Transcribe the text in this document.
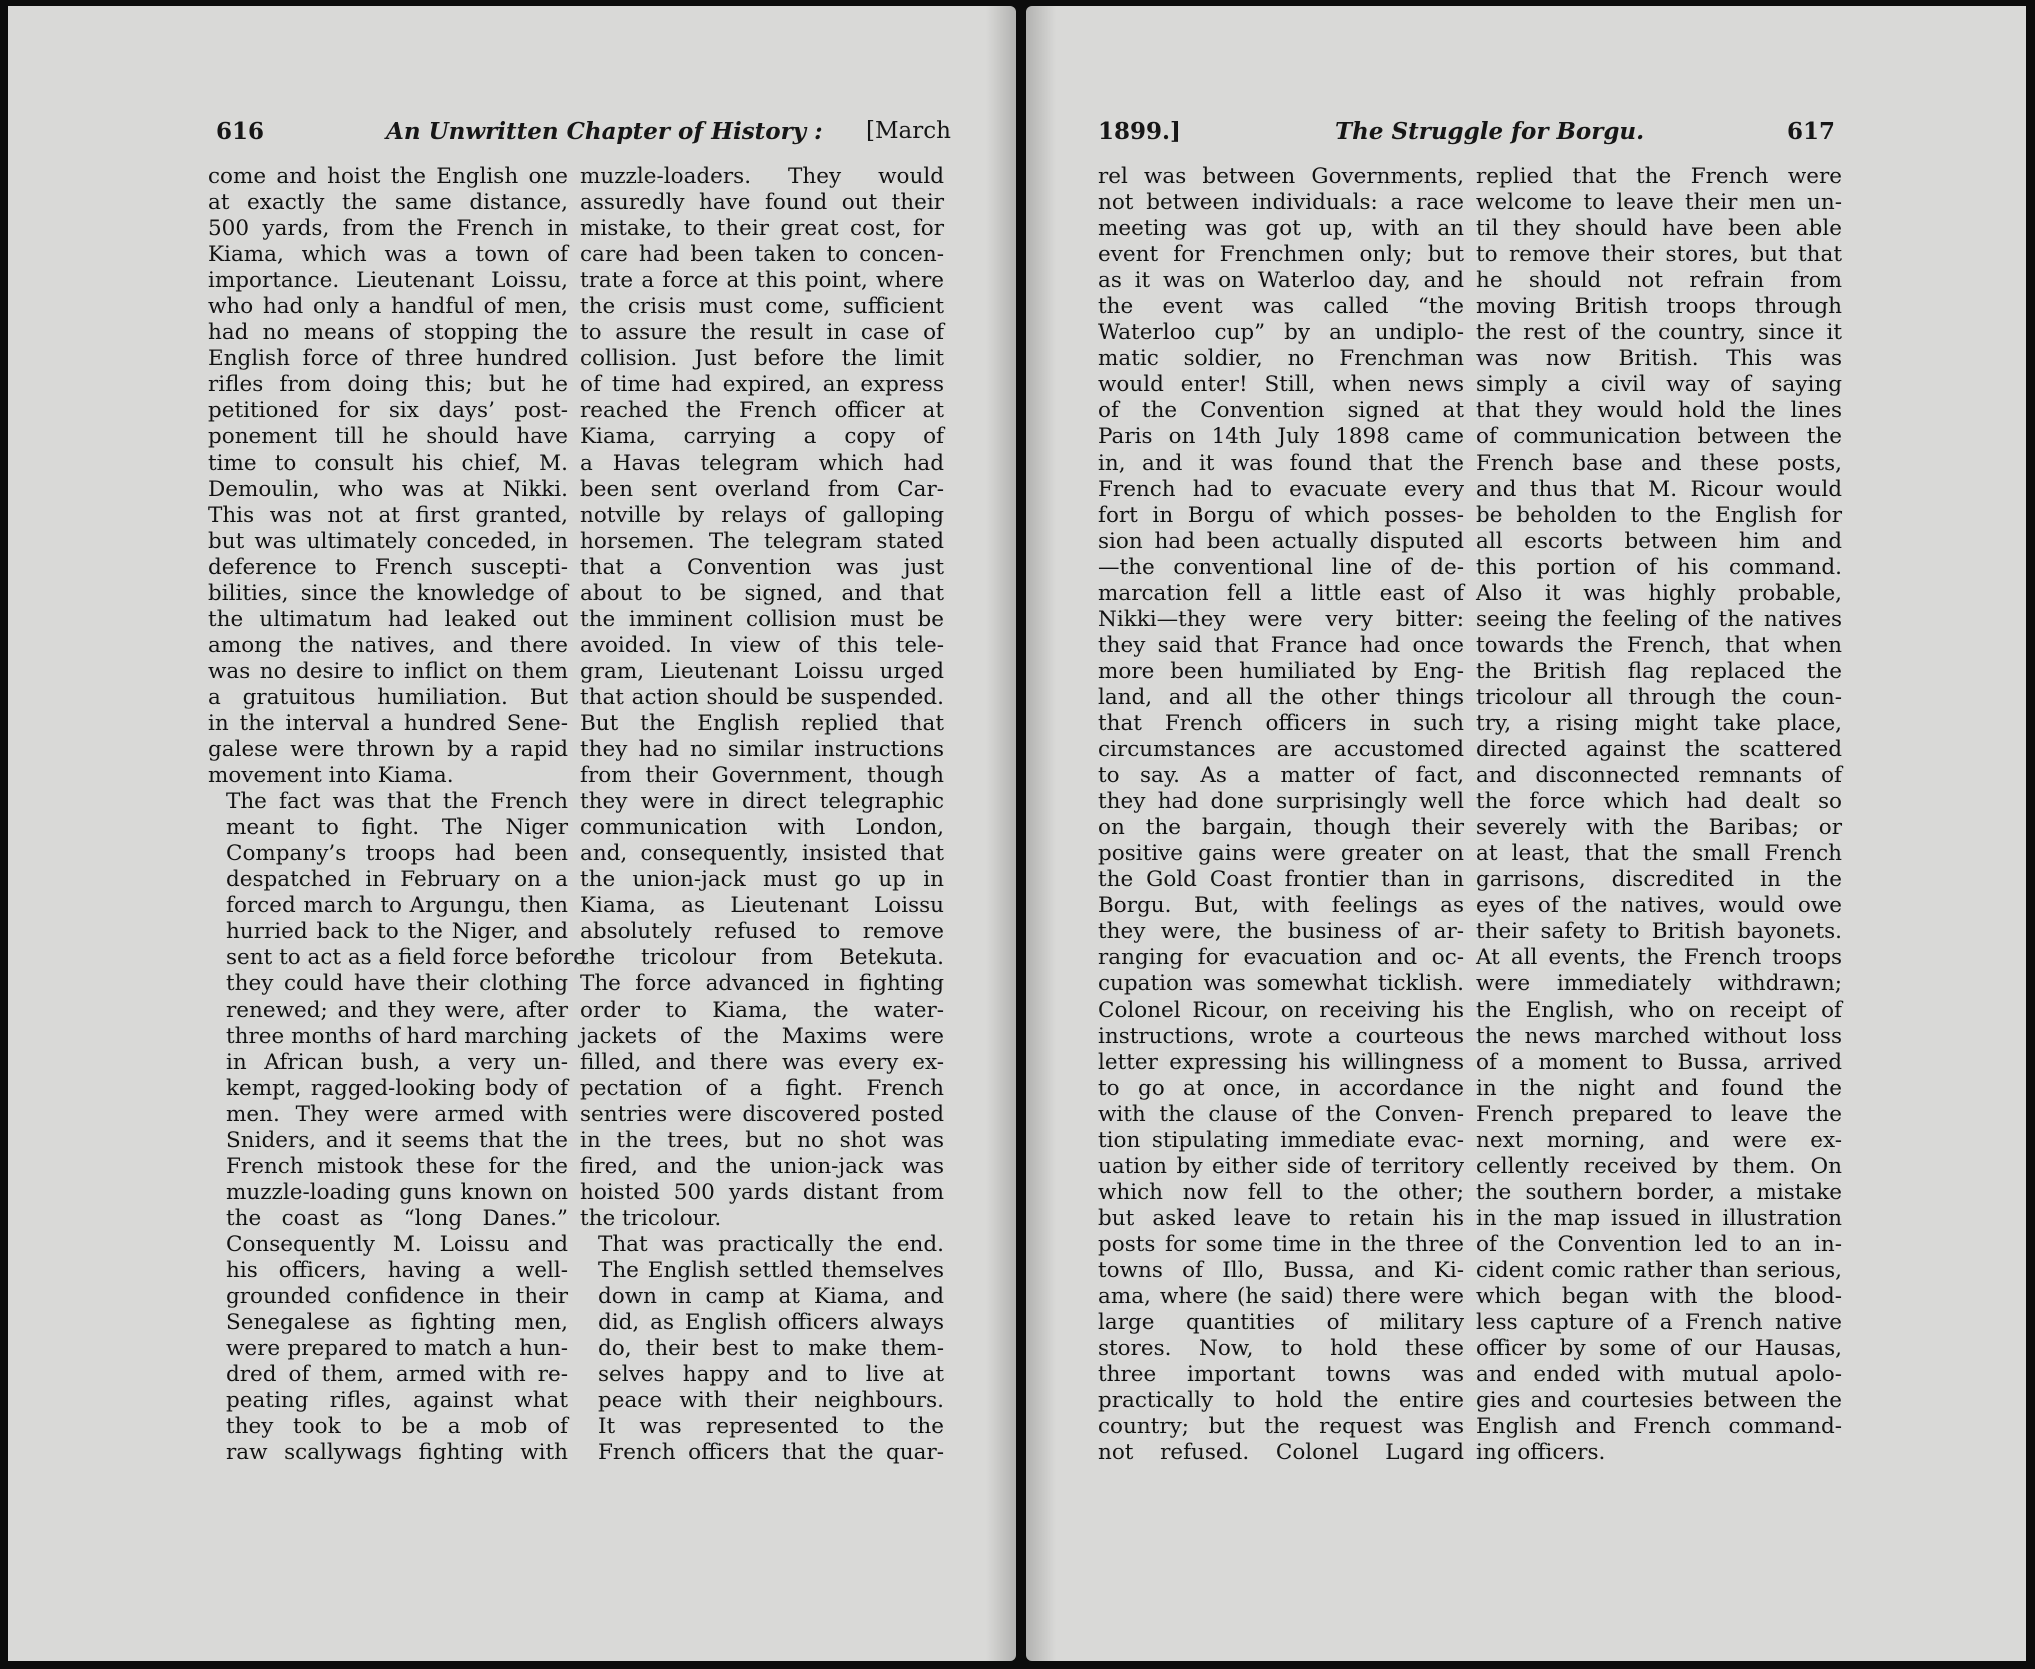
616	An Unwritten Chapter of History : [March

come and hoist the English one
at exactly the same distance,
500 yards, from the French in
Kiama, which was a town of
importance. Lieutenant Loissu,
who had only a handful of men,
had no means of stopping the
English force of three hundred
rifles from doing this; but he
petitioned for six days’ post-
ponement till he should have
time to consult his chief, M.
Demoulin, who was at Nikki.
This was not at first granted,
but was ultimately conceded, in
deference to French suscepti-
bilities, since the knowledge of
the ultimatum had leaked out
among the natives, and there
was no desire to inflict on them
a gratuitous humiliation. But
in the interval a hundred Sene-
galese were thrown by a rapid
movement into Kiama.

The fact was that the French
meant to fight. The Niger
Company’s troops had been
despatched in February on a
forced march to Argungu, then
hurried back to the Niger, and
sent to act as a field force before
they could have their clothing
renewed; and they were, after
three months of hard marching
in African bush, a very un-
kempt, ragged-looking body of
men. They were armed with
Sniders, and it seems that the
French mistook these for the
muzzle-loading guns known on
the coast as “long Danes.”
Consequently M. Loissu and
his officers, having a well-
grounded confidence in their
Senegalese as fighting men,
were prepared to match a hun-
dred of them, armed with re-
peating rifles, against what
they took to be a mob of
raw scallywags fighting with

muzzle-loaders. They would
assuredly have found out their
mistake, to their great cost, for
care had been taken to concen-
trate a force at this point, where
the crisis must come, sufficient
to assure the result in case of
collision. Just before the limit
of time had expired, an express
reached the French officer at
Kiama, carrying a copy of
a Havas telegram which had
been sent overland from Car-
notville by relays of galloping
horsemen. The telegram stated
that a Convention was just
about to be signed, and that
the imminent collision must be
avoided. In view of this tele-
gram, Lieutenant Loissu urged
that action should be suspended.
But the English replied that
they had no similar instructions
from their Government, though
they were in direct telegraphic
communication with London,
and, consequently, insisted that
the union-jack must go up in
Kiama, as Lieutenant Loissu
absolutely refused to remove
the tricolour from Betekuta.
The force advanced in fighting
order to Kiama, the water-
jackets of the Maxims were
filled, and there was every ex-
pectation of a fight. French
sentries were discovered posted
in the trees, but no shot was
fired, and the union-jack was
hoisted 500 yards distant from
the tricolour.

That was practically the end.
The English settled themselves
down in camp at Kiama, and
did, as English officers always
do, their best to make them-
selves happy and to live at
peace with their neighbours.
It was represented to the
French officers that the quar-

1899.]	The Struggle for Borgu.	617

rel was between Governments,
not between individuals: a race
meeting was got up, with an
event for Frenchmen only; but
as it was on Waterloo day, and
the event was called “the
Waterloo cup” by an undiplo-
matic soldier, no Frenchman
would enter! Still, when news
of the Convention signed at
Paris on 14th July 1898 came
in, and it was found that the
French had to evacuate every
fort in Borgu of which posses-
sion had been actually disputed
—the conventional line of de-
marcation fell a little east of
Nikki—they were very bitter:
they said that France had once
more been humiliated by Eng-
land, and all the other things
that French officers in such
circumstances are accustomed
to say. As a matter of fact,
they had done surprisingly well
on the bargain, though their
positive gains were greater on
the Gold Coast frontier than in
Borgu. But, with feelings as
they were, the business of ar-
ranging for evacuation and oc-
cupation was somewhat ticklish.
Colonel Ricour, on receiving his
instructions, wrote a courteous
letter expressing his willingness
to go at once, in accordance
with the clause of the Conven-
tion stipulating immediate evac-
uation by either side of territory
which now fell to the other;
but asked leave to retain his
posts for some time in the three
towns of Illo, Bussa, and Ki-
ama, where (he said) there were
large quantities of military
stores. Now, to hold these
three important towns was
practically to hold the entire
country; but the request was
not refused. Colonel Lugard

replied that the French were
welcome to leave their men un-
til they should have been able
to remove their stores, but that
he should not refrain from
moving British troops through
the rest of the country, since it
was now British. This was
simply a civil way of saying
that they would hold the lines
of communication between the
French base and these posts,
and thus that M. Ricour would
be beholden to the English for
all escorts between him and
this portion of his command.
Also it was highly probable,
seeing the feeling of the natives
towards the French, that when
the British flag replaced the
tricolour all through the coun-
try, a rising might take place,
directed against the scattered
and disconnected remnants of
the force which had dealt so
severely with the Baribas; or
at least, that the small French
garrisons, discredited in the
eyes of the natives, would owe
their safety to British bayonets.
At all events, the French troops
were immediately withdrawn;
the English, who on receipt of
the news marched without loss
of a moment to Bussa, arrived
in the night and found the
French prepared to leave the
next morning, and were ex-
cellently received by them. On
the southern border, a mistake
in the map issued in illustration
of the Convention led to an in-
cident comic rather than serious,
which began with the blood-
less capture of a French native
officer by some of our Hausas,
and ended with mutual apolo-
gies and courtesies between the
English and French command-
ing officers.
